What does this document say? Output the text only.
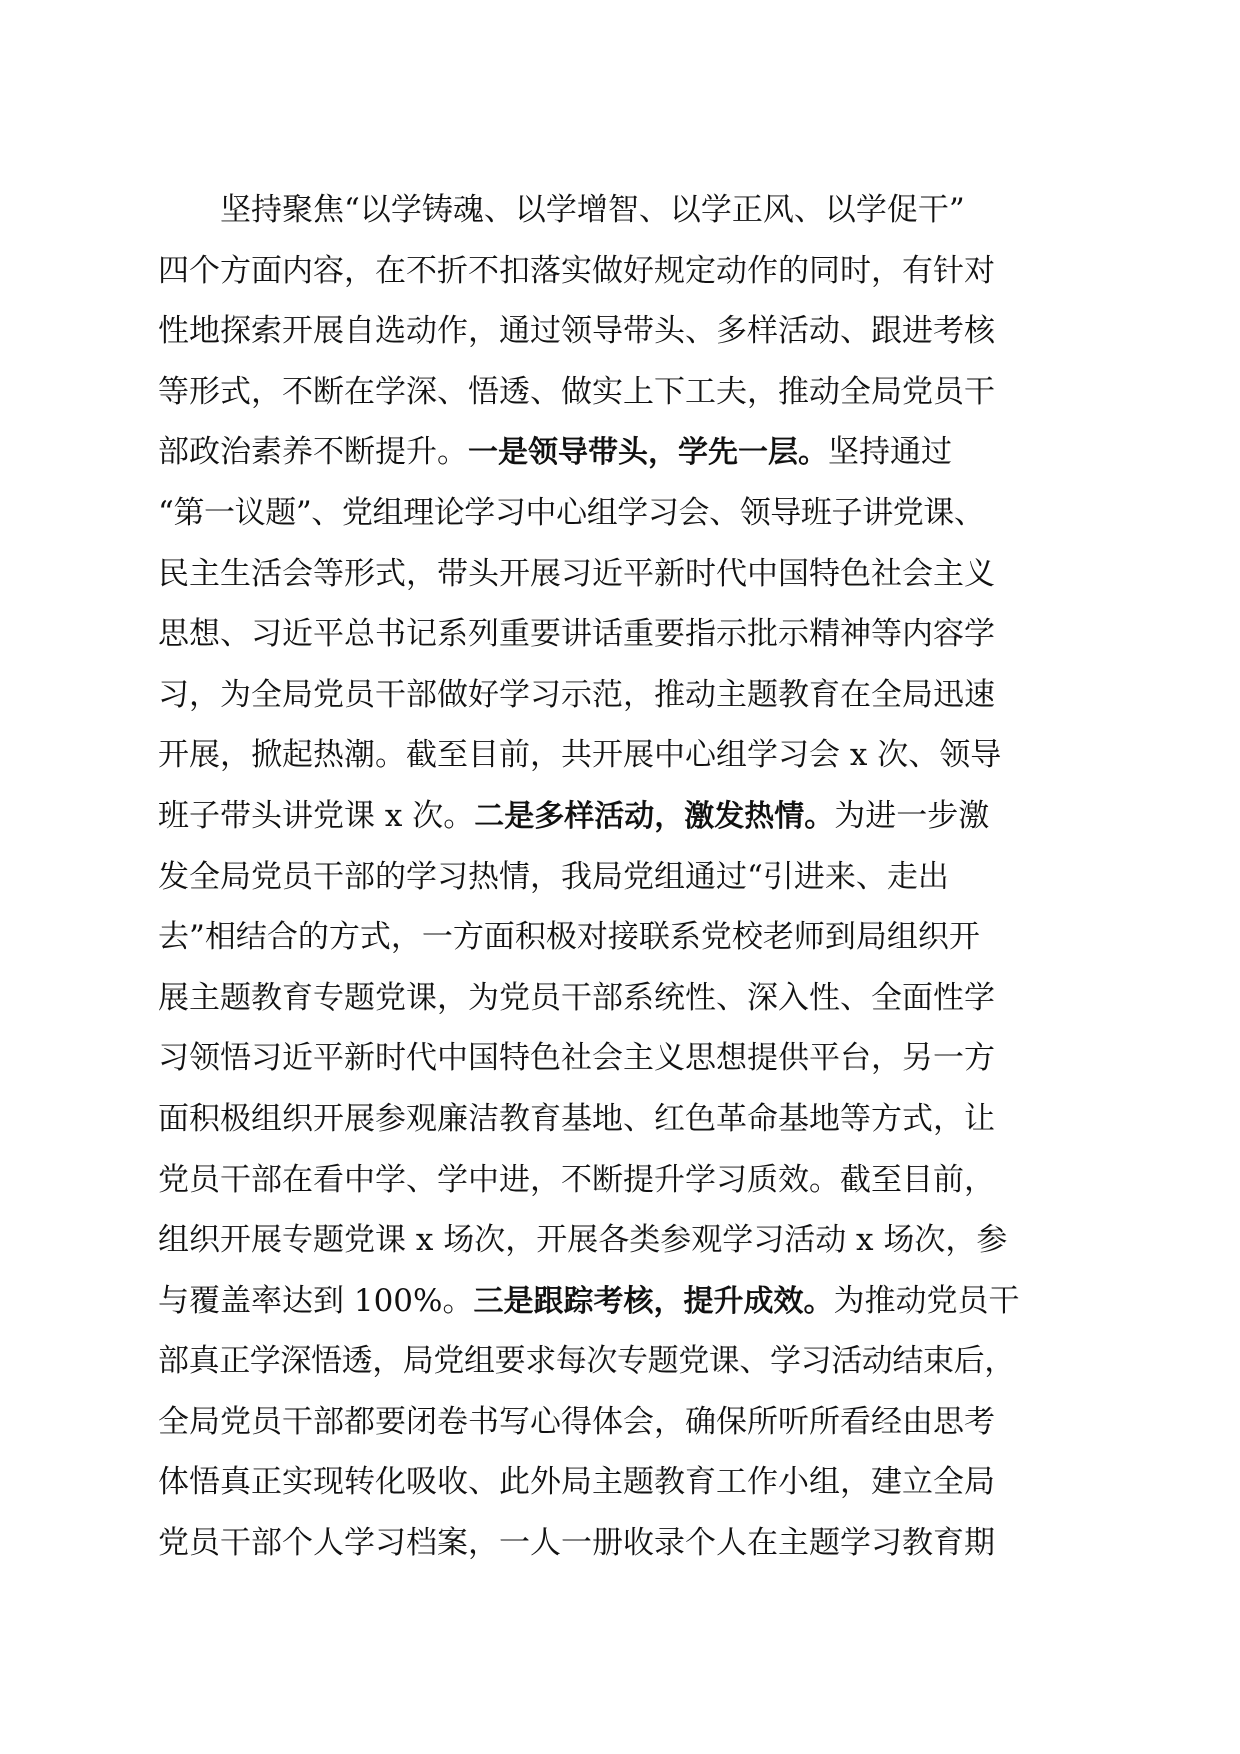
坚持聚焦“以学铸魂、以学增智、以学正风、以学促干”
四个方面内容，在不折不扣落实做好规定动作的同时，有针对
性地探索开展自选动作，通过领导带头、多样活动、跟进考核
等形式，不断在学深、悟透、做实上下工夫，推动全局党员干
部政治素养不断提升。一是领导带头，学先一层。坚持通过
“第一议题”、党组理论学习中心组学习会、领导班子讲党课、
民主生活会等形式，带头开展习近平新时代中国特色社会主义
思想、习近平总书记系列重要讲话重要指示批示精神等内容学
习，为全局党员干部做好学习示范，推动主题教育在全局迅速
开展，掀起热潮。截至目前，共开展中心组学习会 x 次、领导
班子带头讲党课 x 次。二是多样活动，激发热情。为进一步激
发全局党员干部的学习热情，我局党组通过“引进来、走出
去”相结合的方式，一方面积极对接联系党校老师到局组织开
展主题教育专题党课，为党员干部系统性、深入性、全面性学
习领悟习近平新时代中国特色社会主义思想提供平台，另一方
面积极组织开展参观廉洁教育基地、红色革命基地等方式，让
党员干部在看中学、学中进，不断提升学习质效。截至目前，
组织开展专题党课 x 场次，开展各类参观学习活动 x 场次，参
与覆盖率达到 100%。三是跟踪考核，提升成效。为推动党员干
部真正学深悟透，局党组要求每次专题党课、学习活动结束后，
全局党员干部都要闭卷书写心得体会，确保所听所看经由思考
体悟真正实现转化吸收、此外局主题教育工作小组，建立全局
党员干部个人学习档案，一人一册收录个人在主题学习教育期
